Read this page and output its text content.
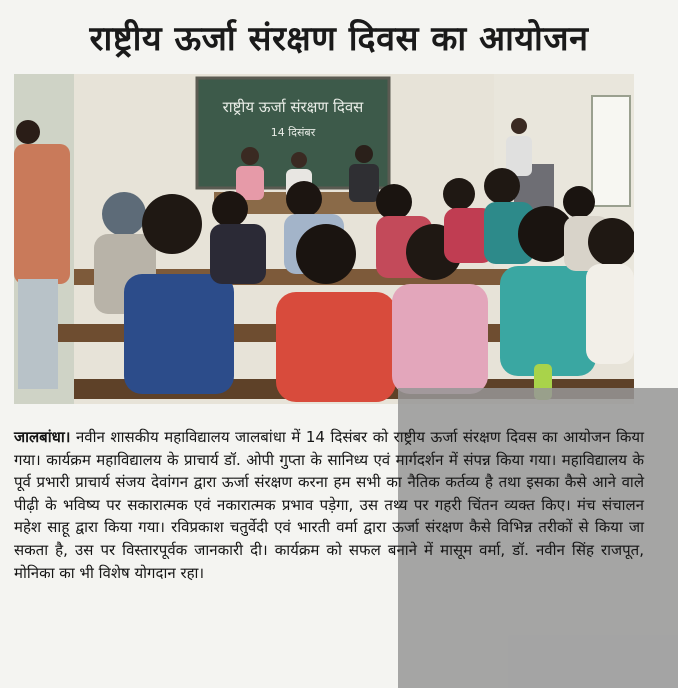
राष्ट्रीय ऊर्जा संरक्षण दिवस का आयोजन
राष्ट्रीय ऊर्जा संरक्षण दिवस
14 दिसंबर
जालबांधा। नवीन शासकीय महाविद्यालय जालबांधा में 14 दिसंबर को राष्ट्रीय ऊर्जा संरक्षण दिवस का आयोजन किया गया। कार्यक्रम महाविद्यालय के प्राचार्य डॉ. ओपी गुप्ता के सानिध्य एवं मार्गदर्शन में संपन्न किया गया। महाविद्यालय के पूर्व प्रभारी प्राचार्य संजय देवांगन द्वारा ऊर्जा संरक्षण करना हम सभी का नैतिक कर्तव्य है तथा इसका कैसे आने वाले पीढ़ी के भविष्य पर सकारात्मक एवं नकारात्मक प्रभाव पड़ेगा, उस तथ्य पर गहरी चिंतन व्यक्त किए। मंच संचालन महेश साहू द्वारा किया गया। रविप्रकाश चतुर्वेदी एवं भारती वर्मा द्वारा ऊर्जा संरक्षण कैसे विभिन्न तरीकों से किया जा सकता है, उस पर विस्तारपूर्वक जानकारी दी। कार्यक्रम को सफल बनाने में मासूम वर्मा, डॉ. नवीन सिंह राजपूत, मोनिका का भी विशेष योगदान रहा।
